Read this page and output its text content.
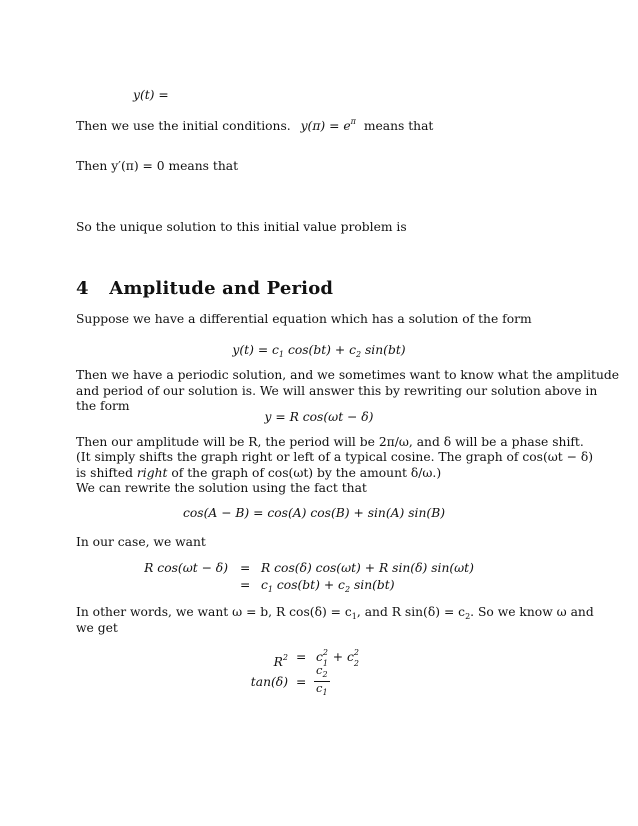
y(t) =
Then we use the initial conditions. $y(\pi) = e^\pi$ means that
Then y′(π) = 0 means that
So the unique solution to this initial value problem is
4 Amplitude and Period
Suppose we have a differential equation which has a solution of the form
$y(t) = c_1$ $\cos(bt) + c_2$ sin(bt)
Then we have a periodic solution, and we sometimes want to know what the amplitude
and period of our solution is. We will answer this by rewriting our solution above in
the form
y = R cos(ωt − δ)
Then our amplitude will be R, the period will be 2π/ω, and δ will be a phase shift.
(It simply shifts the graph right or left of a typical cosine. The graph of cos(ωt − δ)
is shifted right of the graph of cos(ωt) by the amount δ/ω.)
We can rewrite the solution using the fact that
cos(A − B) = cos(A) cos(B) + sin(A) sin(B)
In our case, we want
R cos(ωt − δ) = R cos(δ) cos(ωt) + R sin(δ) sin(ωt)
= $c_1$ $\cos(bt) + c_2$ sin(bt)
In other words, we want ω = b, R $\cos(\delta) = c_1$, and R $\sin(\delta) = c_2$. So we know ω and
we get
$R^2 = c$ 2
1 + c 2
2
$\tan(\delta) = \frac{c_2}{c_1}$
